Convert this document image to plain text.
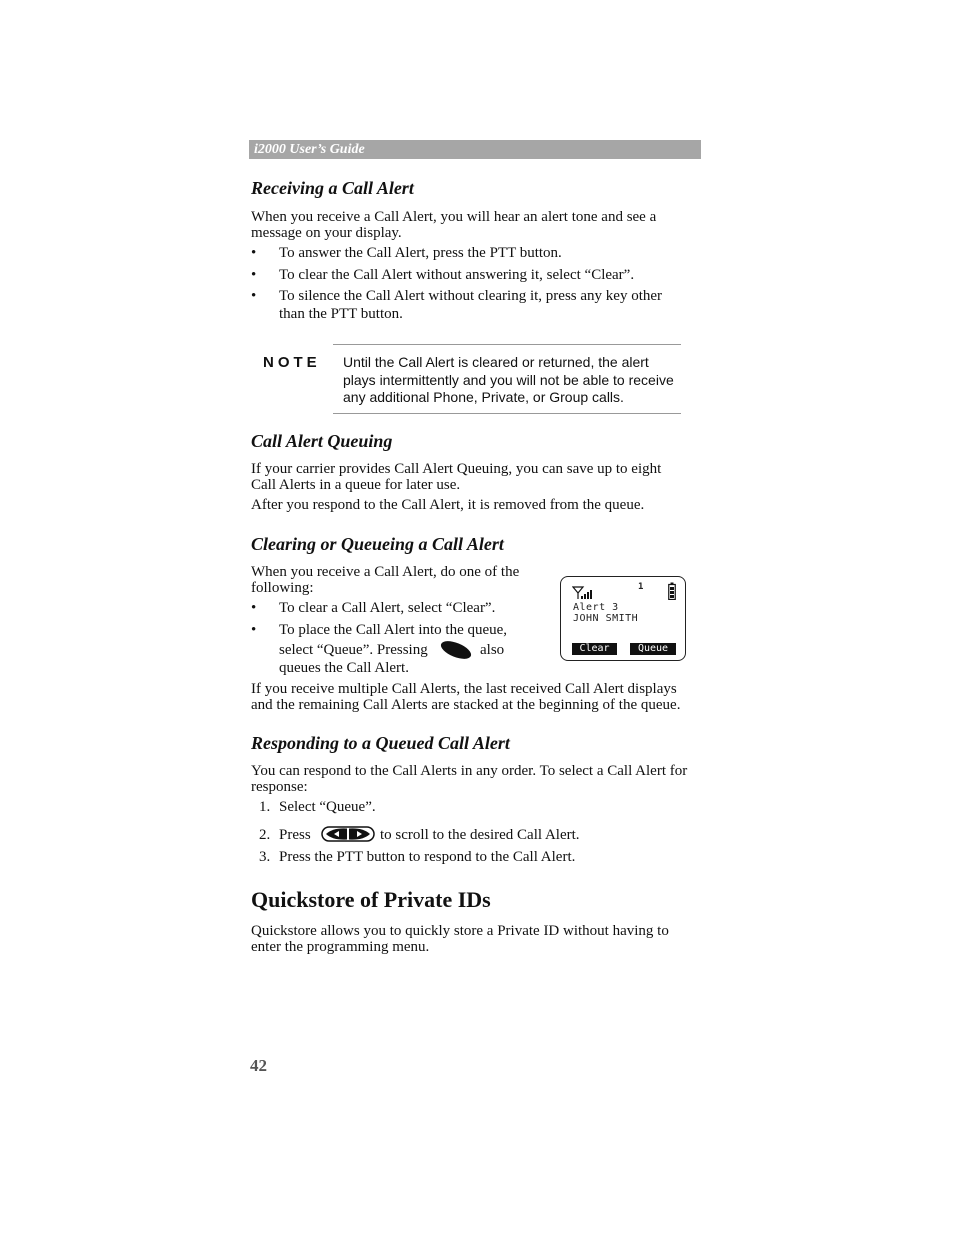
i2000 User’s Guide
Receiving a Call Alert

When you receive a Call Alert, you will hear an alert tone and see a

message on your display.

• To answer the Call Alert, press the PTT button.
• To clear the Call Alert without answering it, select “Clear”.
• To silence the Call Alert without clearing it, press any key other
than the PTT button.
NOTE Until the Call Alert is cleared or returned, the alert
plays intermittently and you will not be able to receive
any additional Phone, Private, or Group calls.
Call Alert Queuing

If your carrier provides Call Alert Queuing, you can save up to eight

Call Alerts in a queue for later use.

After you respond to the Call Alert, it is removed from the queue.

Clearing or Queueing a Call Alert

When you receive a Call Alert, do one of the

following:

• To clear a Call Alert, select “Clear”.
• To place the Call Alert into the queue,
select “Queue”. Pressing	also
queues the Call Alert.
1
Alert 3
JOHN SMITH
Clear	Queue

If you receive multiple Call Alerts, the last received Call Alert displays

and the remaining Call Alerts are stacked at the beginning of the queue.

Responding to a Queued Call Alert

You can respond to the Call Alerts in any order. To select a Call Alert for

response:

1. Select “Queue”.
2. Press	to scroll to the desired Call Alert.
3. Press the PTT button to respond to the Call Alert.
Quickstore of Private IDs

Quickstore allows you to quickly store a Private ID without having to

enter the programming menu.

42
